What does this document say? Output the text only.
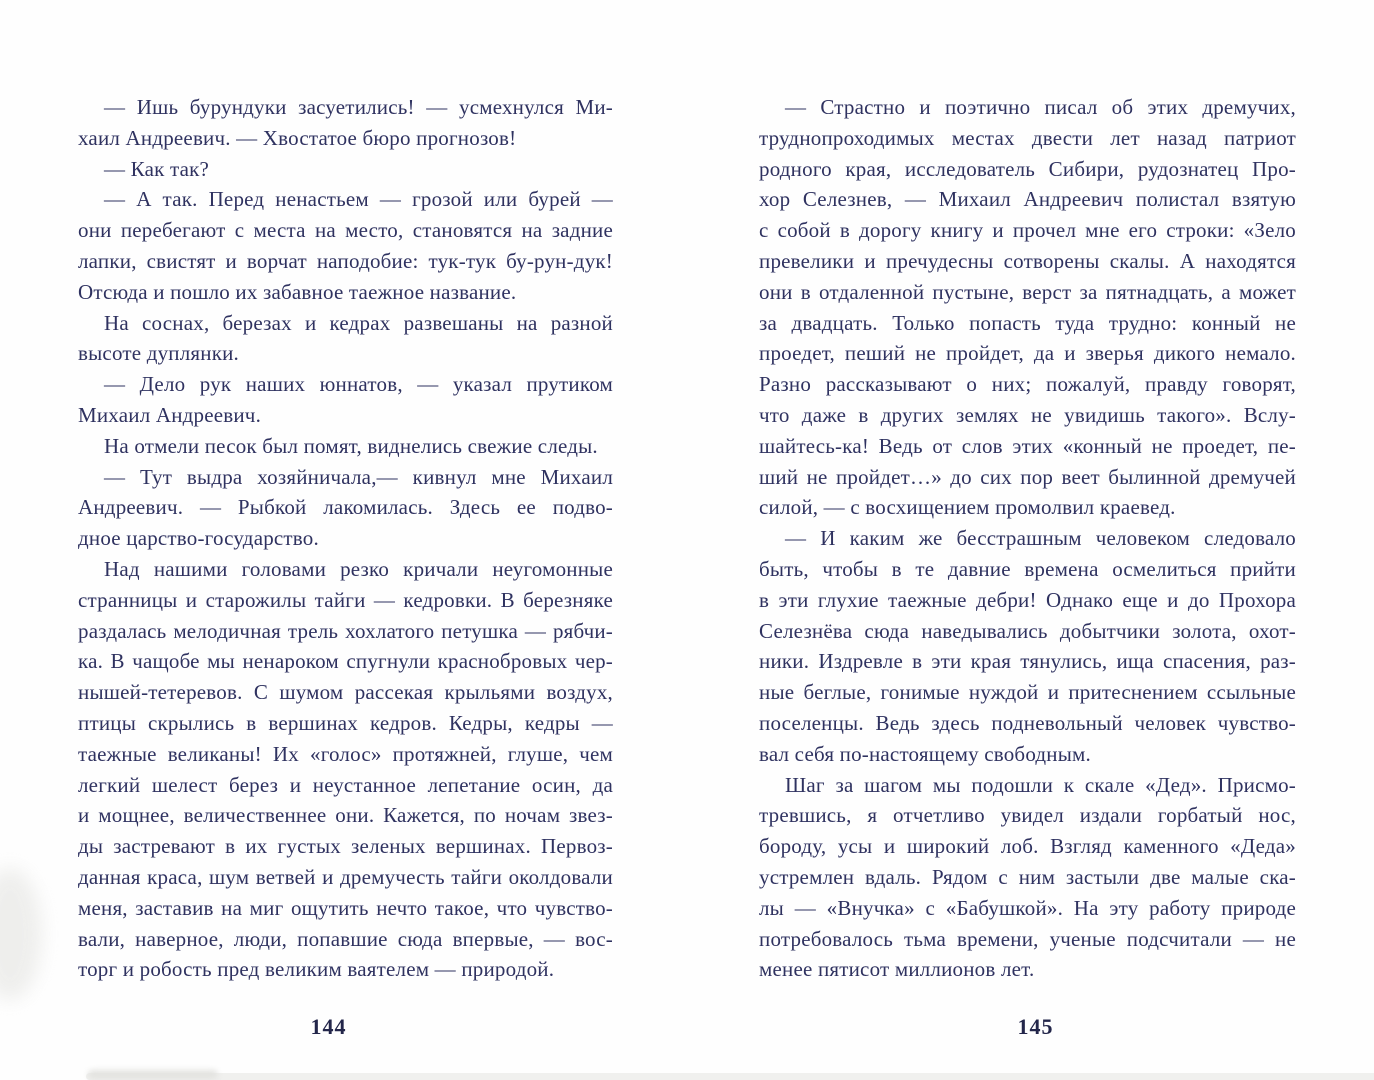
— Ишь бурундуки засуетились! — усмехнулся Ми-
хаил Андреевич. — Хвостатое бюро прогнозов!
— Как так?
— А так. Перед ненастьем — грозой или бурей —
они перебегают с места на место, становятся на задние
лапки, свистят и ворчат наподобие: тук-тук бу-рун-дук!
Отсюда и пошло их забавное таежное название.
На соснах, березах и кедрах развешаны на разной
высоте дуплянки.
— Дело рук наших юннатов, — указал прутиком
Михаил Андреевич.
На отмели песок был помят, виднелись свежие следы.
— Тут выдра хозяйничала,— кивнул мне Михаил
Андреевич. — Рыбкой лакомилась. Здесь ее подво-
дное царство-государство.
Над нашими головами резко кричали неугомонные
странницы и старожилы тайги — кедровки. В березняке
раздалась мелодичная трель хохлатого петушка — рябчи-
ка. В чащобе мы ненароком спугнули краснобровых чер-
нышей-тетеревов. С шумом рассекая крыльями воздух,
птицы скрылись в вершинах кедров. Кедры, кедры —
таежные великаны! Их «голос» протяжней, глуше, чем
легкий шелест берез и неустанное лепетание осин, да
и мощнее, величественнее они. Кажется, по ночам звез-
ды застревают в их густых зеленых вершинах. Первоз-
данная краса, шум ветвей и дремучесть тайги околдовали
меня, заставив на миг ощутить нечто такое, что чувство-
вали, наверное, люди, попавшие сюда впервые, — вос-
торг и робость пред великим ваятелем — природой.
144
— Страстно и поэтично писал об этих дремучих,
труднопроходимых местах двести лет назад патриот
родного края, исследователь Сибири, рудознатец Про-
хор Селезнев, — Михаил Андреевич полистал взятую
с собой в дорогу книгу и прочел мне его строки: «Зело
превелики и пречудесны сотворены скалы. А находятся
они в отдаленной пустыне, верст за пятнадцать, а может
за двадцать. Только попасть туда трудно: конный не
проедет, пеший не пройдет, да и зверья дикого немало.
Разно рассказывают о них; пожалуй, правду говорят,
что даже в других землях не увидишь такого». Вслу-
шайтесь-ка! Ведь от слов этих «конный не проедет, пе-
ший не пройдет…» до сих пор веет былинной дремучей
силой, — с восхищением промолвил краевед.
— И каким же бесстрашным человеком следовало
быть, чтобы в те давние времена осмелиться прийти
в эти глухие таежные дебри! Однако еще и до Прохора
Селезнёва сюда наведывались добытчики золота, охот-
ники. Издревле в эти края тянулись, ища спасения, раз-
ные беглые, гонимые нуждой и притеснением ссыльные
поселенцы. Ведь здесь подневольный человек чувство-
вал себя по-настоящему свободным.
Шаг за шагом мы подошли к скале «Дед». Присмо-
тревшись, я отчетливо увидел издали горбатый нос,
бороду, усы и широкий лоб. Взгляд каменного «Деда»
устремлен вдаль. Рядом с ним застыли две малые ска-
лы — «Внучка» с «Бабушкой». На эту работу природе
потребовалось тьма времени, ученые подсчитали — не
менее пятисот миллионов лет.
145
